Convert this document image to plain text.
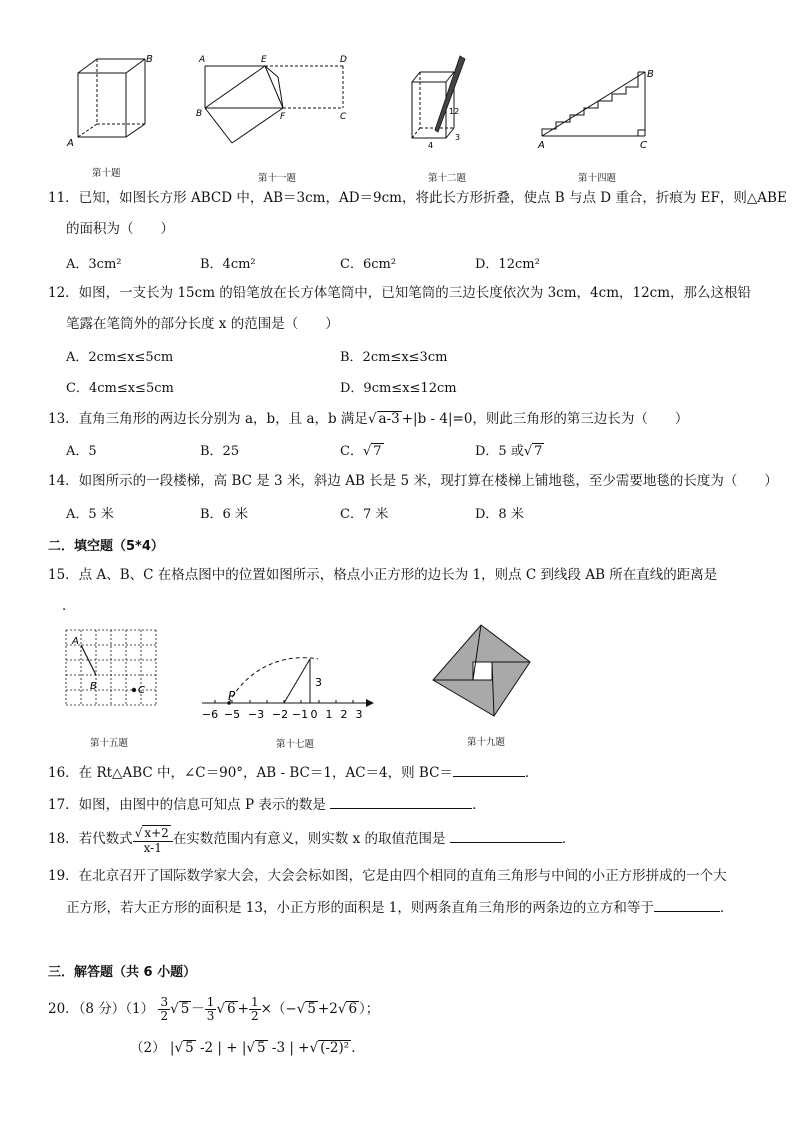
B
A
第十题
A	E	D
B	F	C
第十一题
12
4
3
第十二题
B
A	C
第十四题
11．已知，如图长方形 ABCD 中，AB＝3cm，AD＝9cm，将此长方形折叠，使点 B 与点 D 重合，折痕为 EF，则△ABE
的面积为（　　）
A．3cm²	B．4cm²	C．6cm²	D．12cm²
12．如图，一支长为 15cm 的铅笔放在长方体笔筒中，已知笔筒的三边长度依次为 3cm，4cm，12cm，那么这根铅
笔露在笔筒外的部分长度 x 的范围是（　　）
A．2cm≤x≤5cm	B．2cm≤x≤3cm
C．4cm≤x≤5cm	D．9cm≤x≤12cm
13．直角三角形的两边长分别为 a，b，且 a，b 满足√ a-3 +|b - 4|=0，则此三角形的第三边长为（　　）
A．5	B．25	C．√ 7	D．5 或√ 7
14．如图所示的一段楼梯，高 BC 是 3 米，斜边 AB 长是 5 米，现打算在楼梯上铺地毯，至少需要地毯的长度为（　　）
A．5 米	B．6 米	C．7 米	D．8 米
二．填空题（5*4）
15．点 A、B、C 在格点图中的位置如图所示，格点小正方形的边长为 1，则点 C 到线段 AB 所在直线的距离是
．
A
B	C
第十五题
P
3
−6 −5 −3 −2 −1 0 1 2 3
第十七题	第十九题
16．在 Rt△ABC 中，∠C＝90°，AB - BC＝1，AC＝4，则 BC＝	．
17．如图，由图中的信息可知点 P 表示的数是	．
18．若代数式 $\frac{√ x+2}{x-1}$ 在实数范围内有意义，则实数 x 的取值范围是	．
19．在北京召开了国际数学家大会，大会会标如图，它是由四个相同的直角三角形与中间的小正方形拼成的一个大
正方形，若大正方形的面积是 13，小正方形的面积是 1，则两条直角三角形的两条边的立方和等于	．
三．解答题（共 6 小题）
20．（8 分）$(1) \frac{3}{2}$ √ $5 - \frac{1}{3}$ √ $6 + \frac{1}{2}$ ×（−√ 5 +2√ 6 ）；
（2） |√ 5 -2 | + |√ 5 -3 | +√ (-2)² ．
